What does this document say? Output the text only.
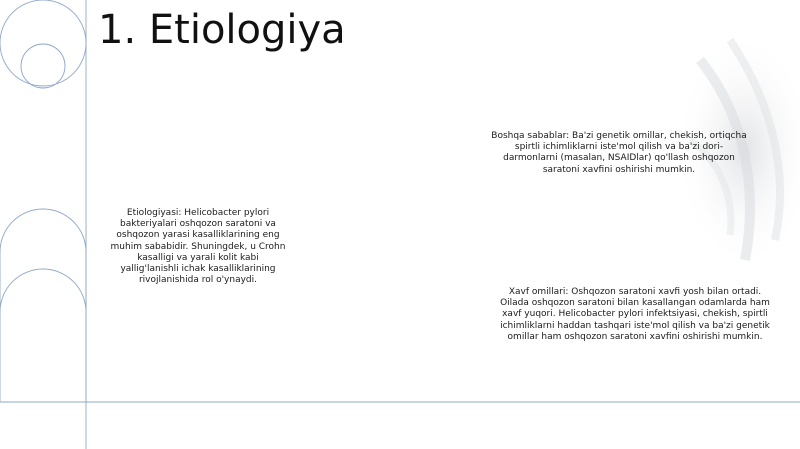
1. Etiologiya

Etiologiyasi: Helicobacter pylori bakteriyalari oshqozon saratoni va oshqozon yarasi kasalliklarining eng muhim sababidir. Shuningdek, u Crohn kasalligi va yarali kolit kabi yallig'lanishli ichak kasalliklarining rivojlanishida rol o'ynaydi.

Boshqa sabablar: Ba'zi genetik omillar, chekish, ortiqcha spirtli ichimliklarni iste'mol qilish va ba'zi dori-darmonlarni (masalan, NSAIDlar) qo'llash oshqozon saratoni xavfini oshirishi mumkin.

Xavf omillari: Oshqozon saratoni xavfi yosh bilan ortadi. Oilada oshqozon saratoni bilan kasallangan odamlarda ham xavf yuqori. Helicobacter pylori infektsiyasi, chekish, spirtli ichimliklarni haddan tashqari iste'mol qilish va ba'zi genetik omillar ham oshqozon saratoni xavfini oshirishi mumkin.
